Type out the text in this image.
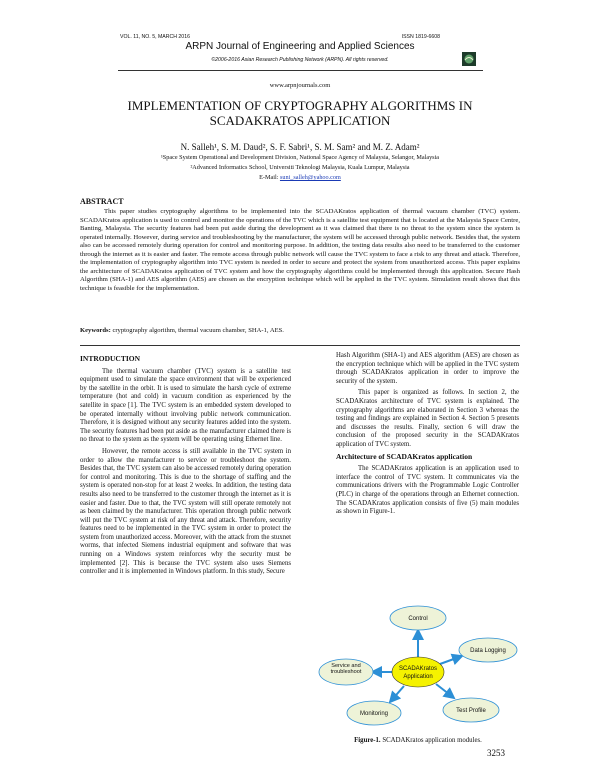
VOL. 11, NO. 5, MARCH 2016	ISSN 1819-6608
ARPN Journal of Engineering and Applied Sciences
©2006-2016 Asian Research Publishing Network (ARPN). All rights reserved.
www.arpnjournals.com
IMPLEMENTATION OF CRYPTOGRAPHY ALGORITHMS IN SCADAKRATOS APPLICATION
N. Salleh¹, S. M. Daud², S. F. Sabri¹, S. M. Sam² and M. Z. Adam²
¹Space System Operational and Development Division, National Space Agency of Malaysia, Selangor, Malaysia
²Advanced Informatics School, Universiti Teknologi Malaysia, Kuala Lumpur, Malaysia
E-Mail: suni_salleh@yahoo.com
ABSTRACT
This paper studies cryptography algorithms to be implemented into the SCADAKratos application of thermal vacuum chamber (TVC) system. SCADAKratos application is used to control and monitor the operations of the TVC which is a satellite test equipment that is located at the Malaysia Space Centre, Banting, Malaysia. The security features had been put aside during the development as it was claimed that there is no threat to the system since the system is operated internally. However, during service and troubleshooting by the manufacturer, the system will be accessed through public network. Besides that, the system also can be accessed remotely during operation for control and monitoring purpose. In addition, the testing data results also need to be transferred to the customer through the internet as it is easier and faster. The remote access through public network will cause the TVC system to face a risk to any threat and attack. Therefore, the implementation of cryptography algorithm into TVC system is needed in order to secure and protect the system from unauthorized access. This paper explains the architecture of SCADAKratos application of TVC system and how the cryptography algorithms could be implemented through this application. Secure Hash Algorithm (SHA-1) and AES algorithm (AES) are chosen as the encryption technique which will be applied in the TVC system. Simulation result shows that this technique is feasible for the implementation.
Keywords: cryptography algorithm, thermal vacuum chamber, SHA-1, AES.
INTRODUCTION

The thermal vacuum chamber (TVC) system is a satellite test equipment used to simulate the space environment that will be experienced by the satellite in the orbit. It is used to simulate the harsh cycle of extreme temperature (hot and cold) in vacuum condition as experienced by the satellite in space [1]. The TVC system is an embedded system developed to be operated internally without involving public network communication. Therefore, it is designed without any security features added into the system. The security features had been put aside as the manufacturer claimed there is no threat to the system as the system will be operating using Ethernet line.

However, the remote access is still available in the TVC system in order to allow the manufacturer to service or troubleshoot the system. Besides that, the TVC system can also be accessed remotely during operation for control and monitoring. This is due to the shortage of staffing and the system is operated non-stop for at least 2 weeks. In addition, the testing data results also need to be transferred to the customer through the internet as it is easier and faster. Due to that, the TVC system will still operate remotely not as been claimed by the manufacturer. This operation through public network will put the TVC system at risk of any threat and attack. Therefore, security features need to be implemented in the TVC system in order to protect the system from unauthorized access. Moreover, with the attack from the stuxnet worms, that infected Siemens industrial equipment and software that was running on a Windows system reinforces why the security must be implemented [2]. This is because the TVC system also uses Siemens controller and it is implemented in Windows platform. In this study, Secure

Hash Algorithm (SHA-1) and AES algorithm (AES) are chosen as the encryption technique which will be applied in the TVC system through SCADAKratos application in order to improve the security of the system.

This paper is organized as follows. In section 2, the SCADAKratos architecture of TVC system is explained. The cryptography algorithms are elaborated in Section 3 whereas the testing and findings are explained in Section 4. Section 5 presents and discusses the results. Finally, section 6 will draw the conclusion of the proposed security in the SCADAKratos application of TVC system.

Architecture of SCADAKratos application

The SCADAKratos application is an application used to interface the control of TVC system. It communicates via the communications drivers with the Programmable Logic Controller (PLC) in charge of the operations through an Ethernet connection. The SCADAKratos application consists of five (5) main modules as shown in Figure-1.

SCADAKratos
Application
Control
Data Logging
Test Profile
Monitoring
Service and troubleshoot
Figure-1. SCADAKratos application modules.
3253
